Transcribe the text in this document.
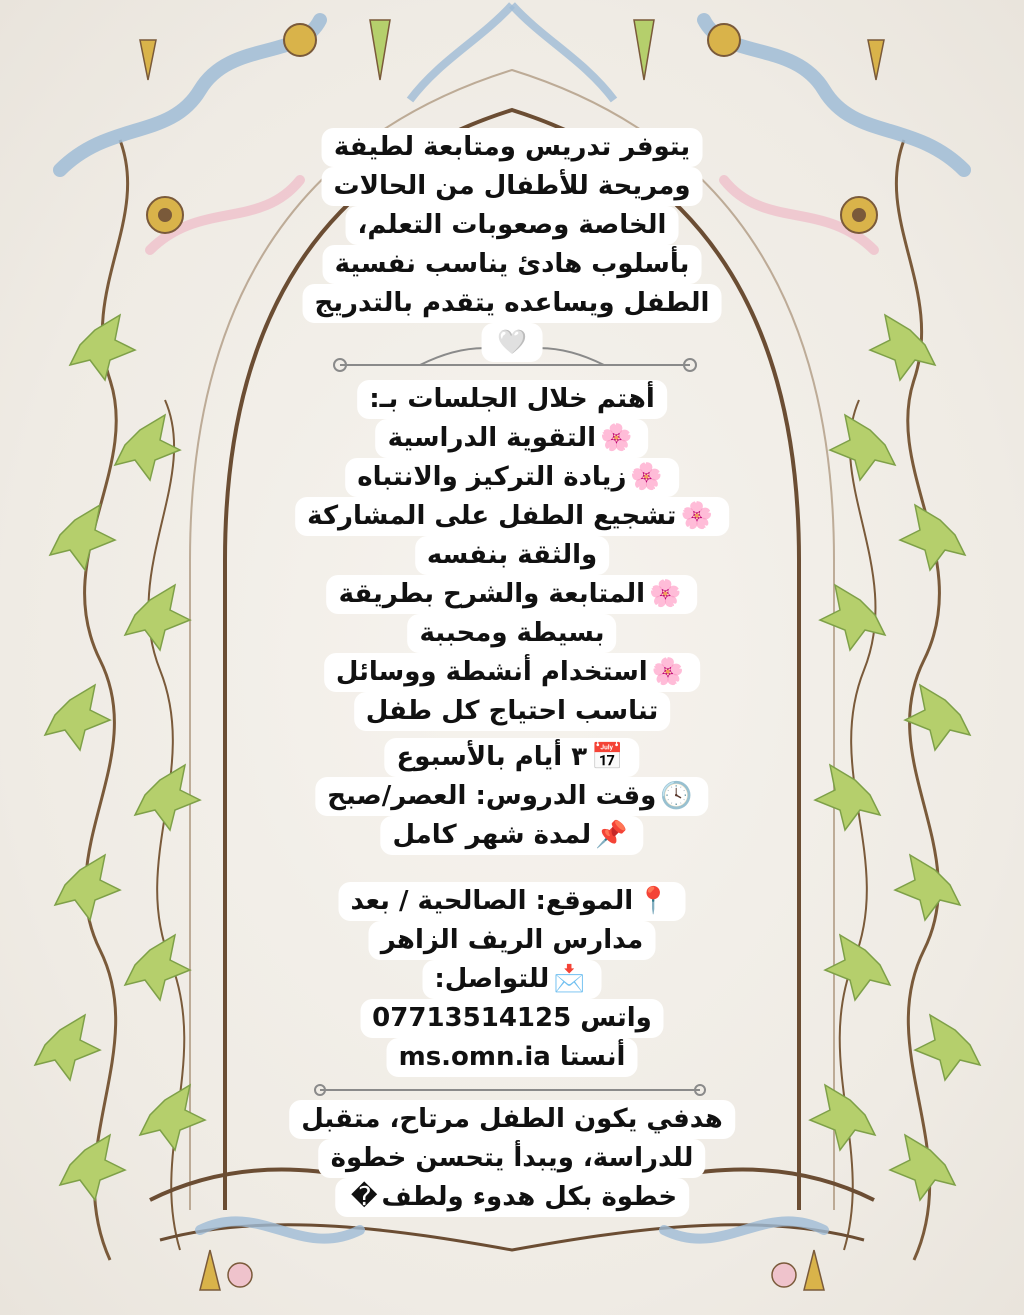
يتوفر تدريس ومتابعة لطيفة
ومريحة للأطفال من الحالات
الخاصة وصعوبات التعلم،
بأسلوب هادئ يناسب نفسية
الطفل ويساعده يتقدم بالتدريج
🤍
أهتم خلال الجلسات بـ:
🌸التقوية الدراسية
🌸زيادة التركيز والانتباه
🌸تشجيع الطفل على المشاركة
والثقة بنفسه
🌸المتابعة والشرح بطريقة
بسيطة ومحببة
🌸استخدام أنشطة ووسائل
تناسب احتياج كل طفل
📅٣ أيام بالأسبوع
🕓وقت الدروس: العصر/صبح
📌لمدة شهر كامل
📍الموقع: الصالحية / بعد
مدارس الريف الزاهر
📩للتواصل:
واتس 07713514125
أنستا ms.omn.ia
هدفي يكون الطفل مرتاح، متقبل
للدراسة، ويبدأ يتحسن خطوة
خطوة بكل هدوء ولطف�
